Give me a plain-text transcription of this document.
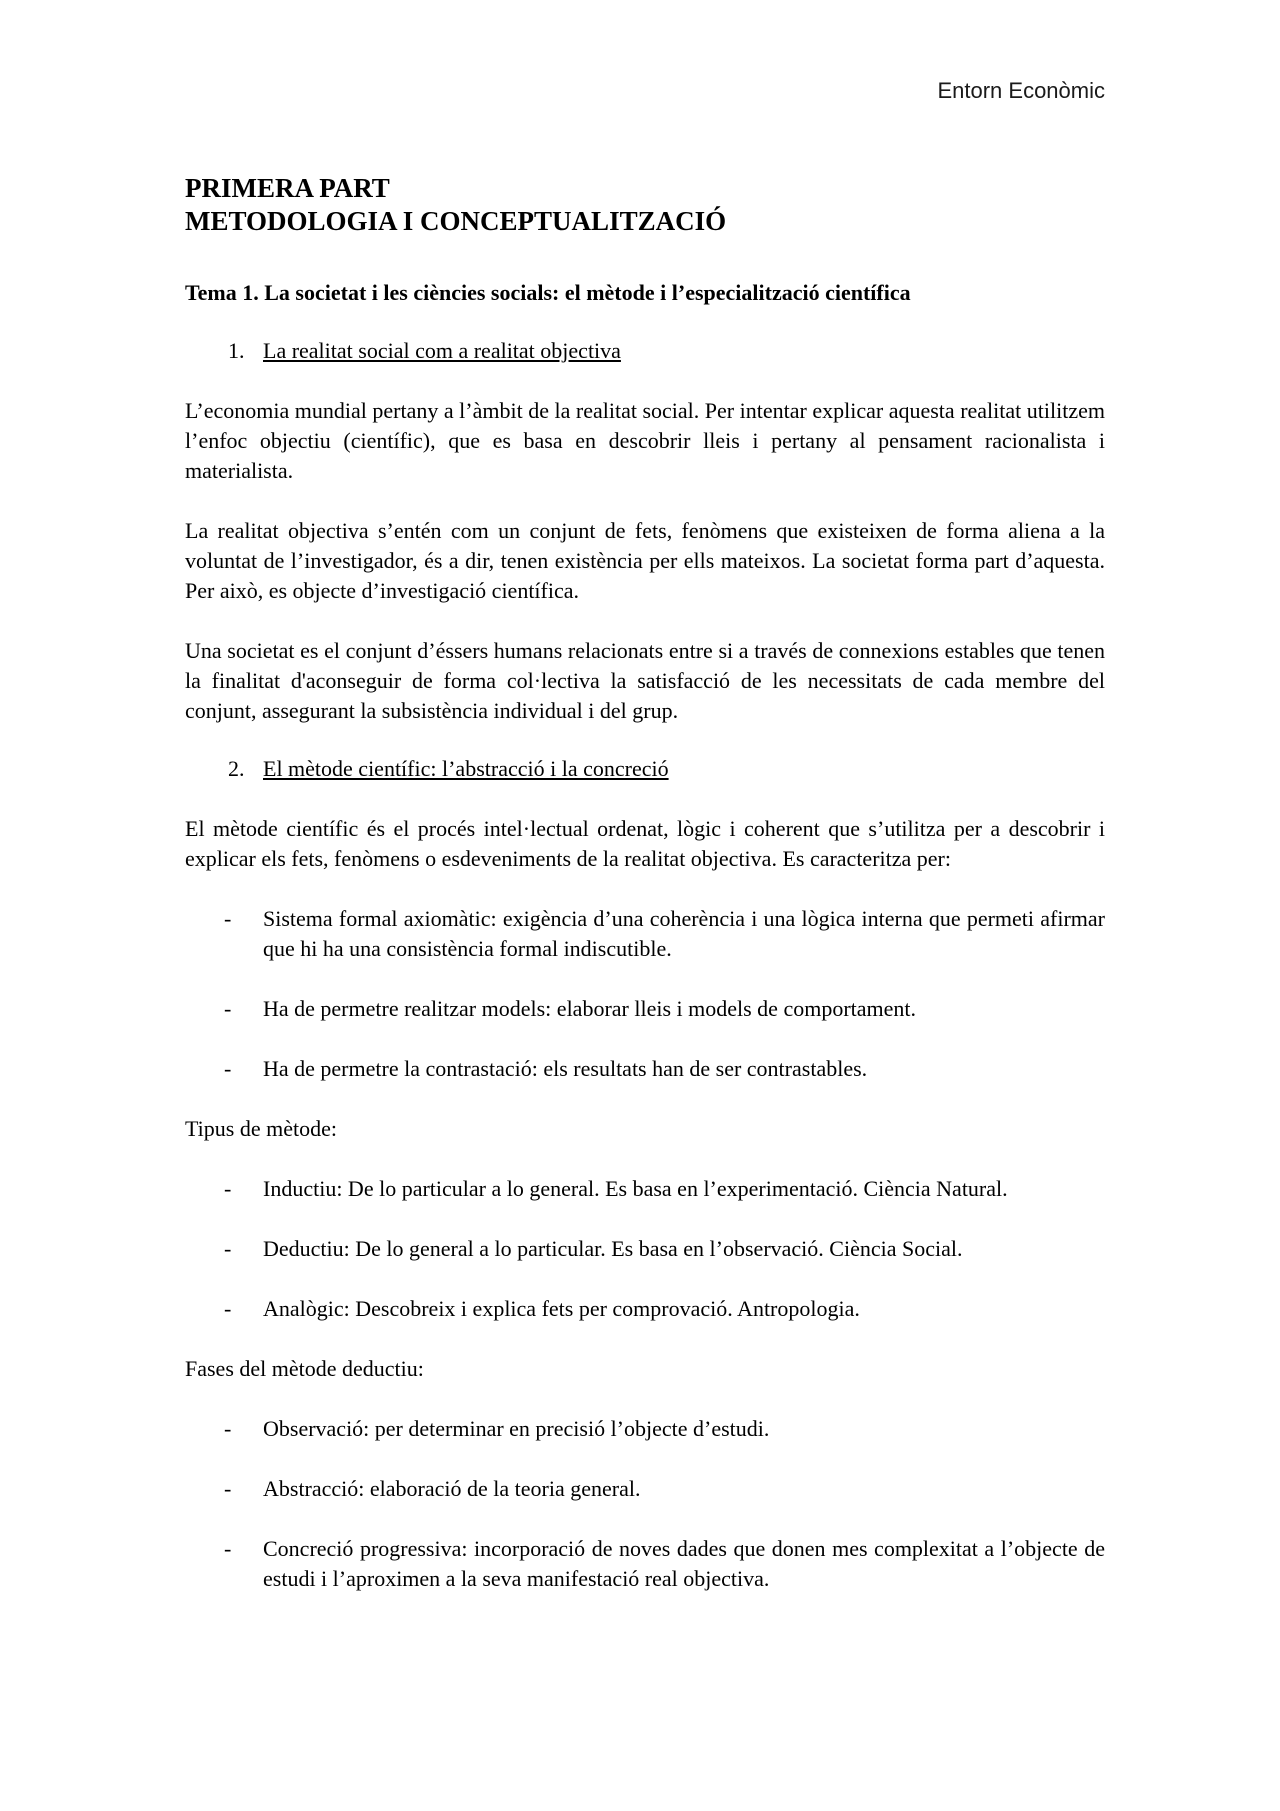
Entorn Econòmic
PRIMERA PART
METODOLOGIA I CONCEPTUALITZACIÓ
Tema 1. La societat i les ciències socials: el mètode i l’especialització científica
1. La realitat social com a realitat objectiva

L’economia mundial pertany a l’àmbit de la realitat social. Per intentar explicar aquesta realitat utilitzem l’enfoc objectiu (científic), que es basa en descobrir lleis i pertany al pensament racionalista i materialista.

La realitat objectiva s’entén com un conjunt de fets, fenòmens que existeixen de forma aliena a la voluntat de l’investigador, és a dir, tenen existència per ells mateixos. La societat forma part d’aquesta. Per això, es objecte d’investigació científica.

Una societat es el conjunt d’éssers humans relacionats entre si a través de connexions estables que tenen la finalitat d'aconseguir de forma col·lectiva la satisfacció de les necessitats de cada membre del conjunt, assegurant la subsistència individual i del grup.

2. El mètode científic: l’abstracció i la concreció

El mètode científic és el procés intel·lectual ordenat, lògic i coherent que s’utilitza per a descobrir i explicar els fets, fenòmens o esdeveniments de la realitat objectiva. Es caracteritza per:

-	Sistema formal axiomàtic: exigència d’una coherència i una lògica interna que permeti afirmar que hi ha una consistència formal indiscutible.
-	Ha de permetre realitzar models: elaborar lleis i models de comportament.
-	Ha de permetre la contrastació: els resultats han de ser contrastables.

Tipus de mètode:

-	Inductiu: De lo particular a lo general. Es basa en l’experimentació. Ciència Natural.
-	Deductiu: De lo general a lo particular. Es basa en l’observació. Ciència Social.
-	Analògic: Descobreix i explica fets per comprovació. Antropologia.

Fases del mètode deductiu:

-	Observació: per determinar en precisió l’objecte d’estudi.
-	Abstracció: elaboració de la teoria general.
-	Concreció progressiva: incorporació de noves dades que donen mes complexitat a l’objecte de estudi i l’aproximen a la seva manifestació real objectiva.
